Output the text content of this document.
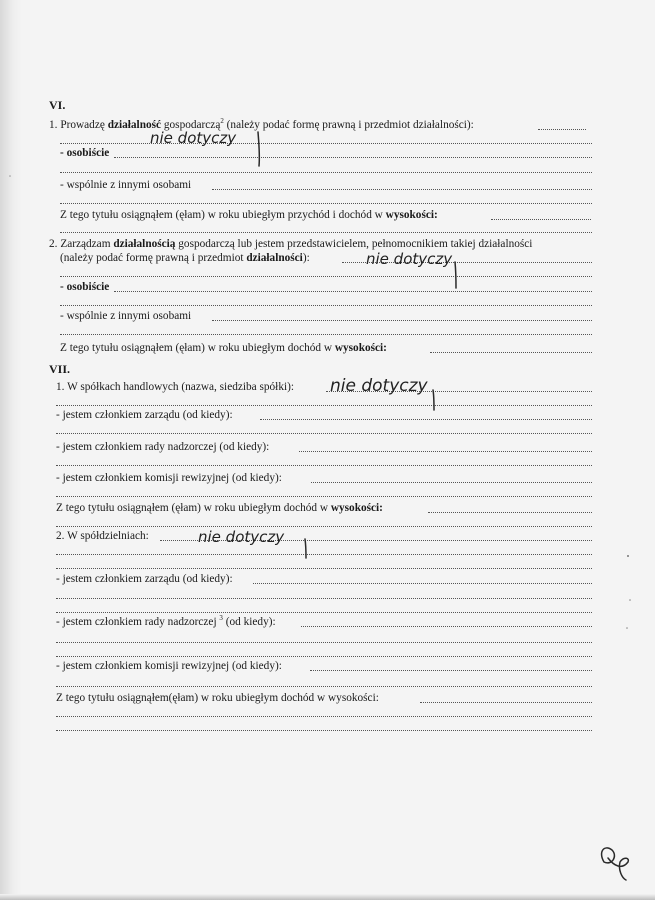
VI.
1. Prowadzę działalność gospodarczą$^2$ (należy podać formę prawną i przedmiot działalności):
- osobiście
- wspólnie z innymi osobami
Z tego tytułu osiągnąłem (ęłam) w roku ubiegłym przychód i dochód w wysokości:
2. Zarządzam działalnością gospodarczą lub jestem przedstawicielem, pełnomocnikiem takiej działalności
(należy podać formę prawną i przedmiot działalności):
- osobiście
- wspólnie z innymi osobami
Z tego tytułu osiągnąłem (ęłam) w roku ubiegłym dochód w wysokości:
VII.
1. W spółkach handlowych (nazwa, siedziba spółki):
- jestem członkiem zarządu (od kiedy):
- jestem członkiem rady nadzorczej (od kiedy):
- jestem członkiem komisji rewizyjnej (od kiedy):
Z tego tytułu osiągnąłem (ęłam) w roku ubiegłym dochód w wysokości:
2. W spółdzielniach:
- jestem członkiem zarządu (od kiedy):
- jestem członkiem rady nadzorczej $^3$ (od kiedy):
- jestem członkiem komisji rewizyjnej (od kiedy):
Z tego tytułu osiągnąłem(ęłam) w roku ubiegłym dochód w wysokości:
nie dotyczy
nie dotyczy
nie dotyczy
nie dotyczy
